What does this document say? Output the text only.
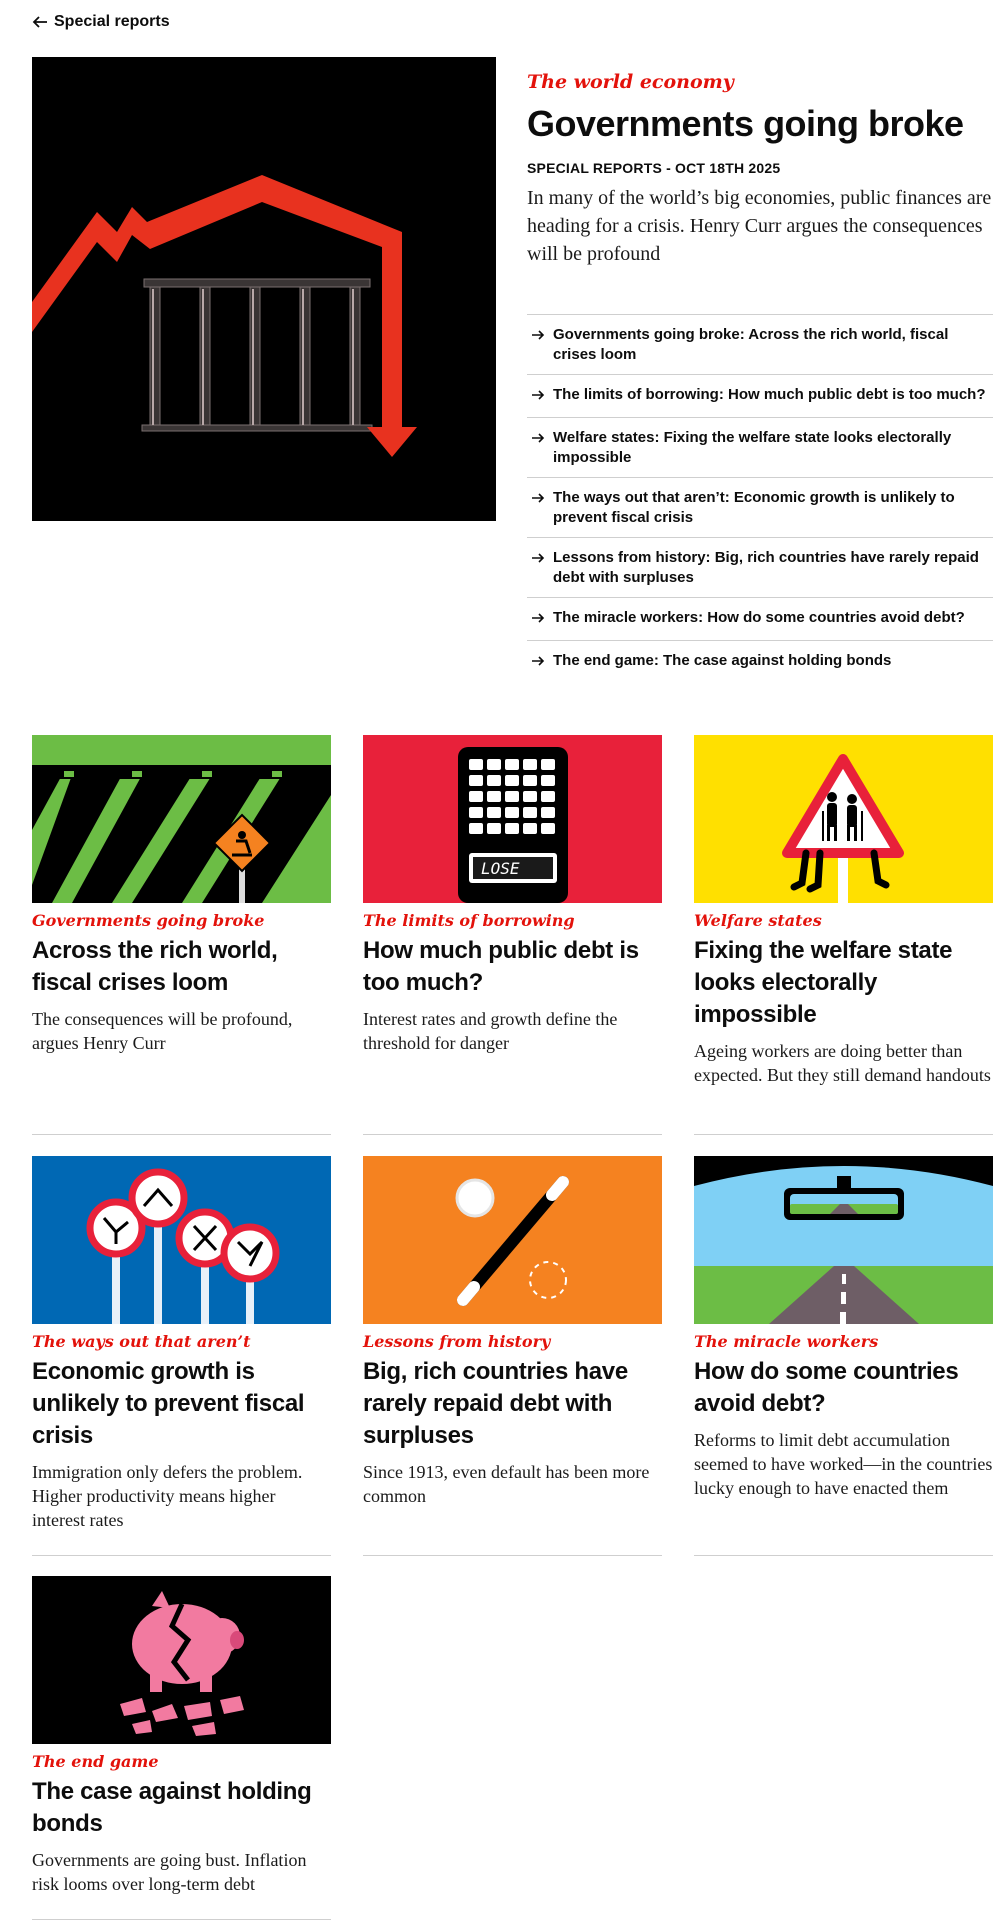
Special reports
The world economy
Governments going broke
SPECIAL REPORTS - OCT 18TH 2025

In many of the world’s big economies, public finances are heading for a crisis. Henry Curr argues the consequences will be profound

Governments going broke: Across the rich world, fiscal crises loom
The limits of borrowing: How much public debt is too much?
Welfare states: Fixing the welfare state looks electorally impossible
The ways out that aren’t: Economic growth is unlikely to prevent fiscal crisis
Lessons from history: Big, rich countries have rarely repaid debt with surpluses
The miracle workers: How do some countries avoid debt?
The end game: The case against holding bonds
Governments going broke
Across the rich world, fiscal crises loom

The consequences will be profound, argues Henry Curr

LOSE
The limits of borrowing
How much public debt is too much?

Interest rates and growth define the threshold for danger

Welfare states
Fixing the welfare state looks electorally impossible

Ageing workers are doing better than expected. But they still demand handouts

The ways out that aren’t
Economic growth is unlikely to prevent fiscal crisis

Immigration only defers the problem. Higher productivity means higher interest rates

Lessons from history
Big, rich countries have rarely repaid debt with surpluses

Since 1913, even default has been more common

The miracle workers
How do some countries avoid debt?

Reforms to limit debt accumulation seemed to have worked—in the countries lucky enough to have enacted them

The end game
The case against holding bonds

Governments are going bust. Inflation risk looms over long-term debt
